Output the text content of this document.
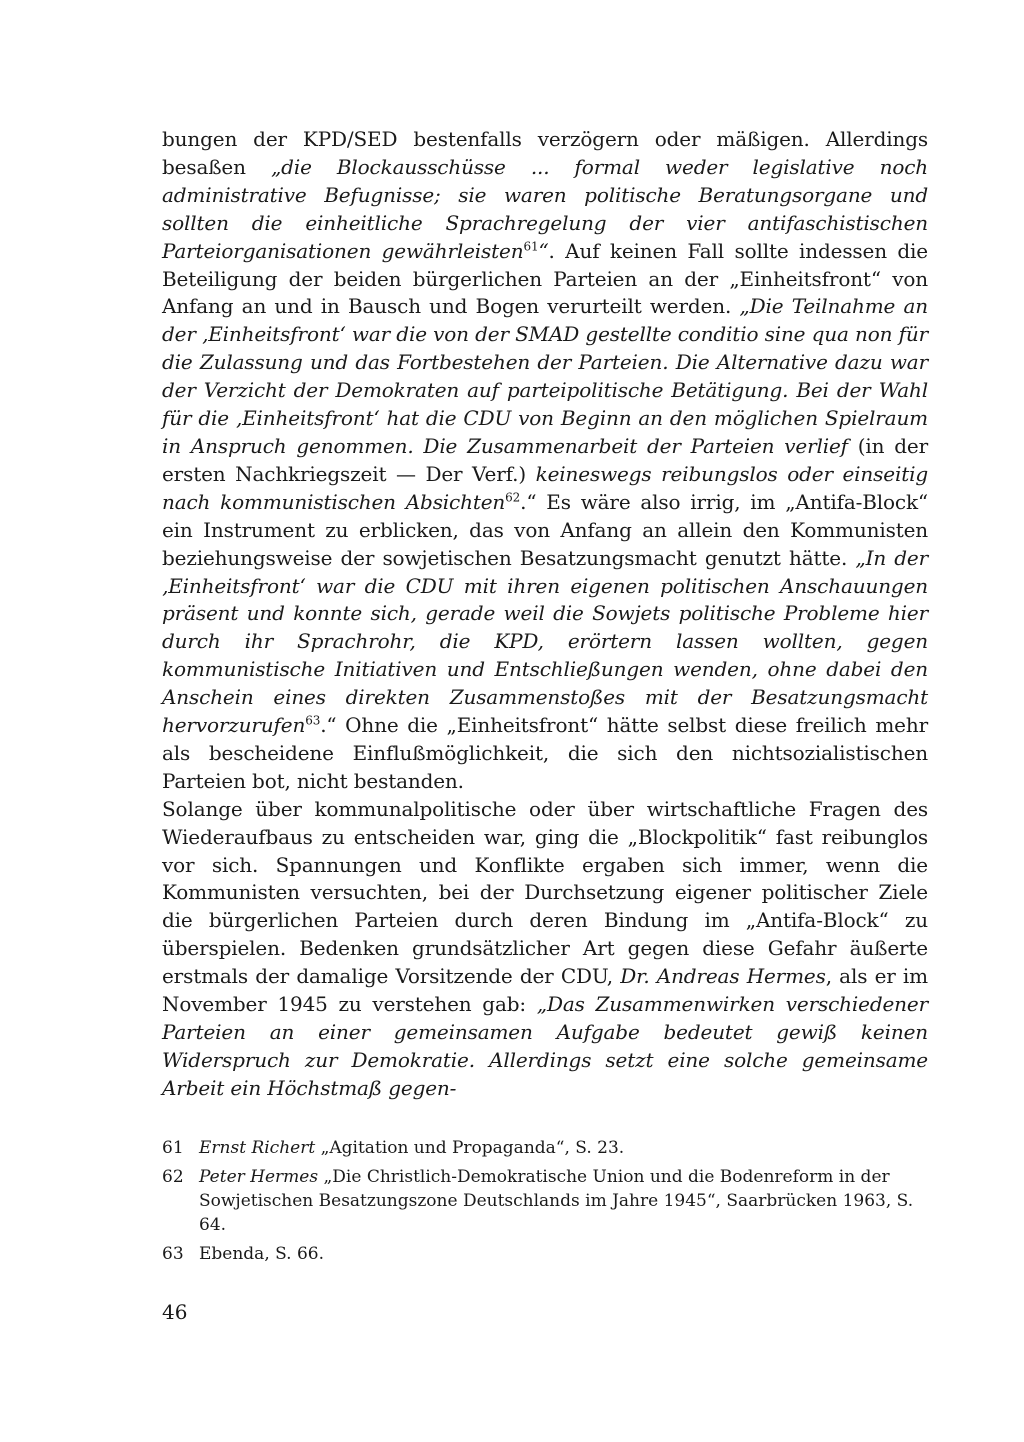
bungen der KPD/SED bestenfalls verzögern oder mäßigen. Allerdings besaßen „die Blockausschüsse ... formal weder legislative noch administrative Befugnisse; sie waren politische Beratungsorgane und sollten die einheitliche Sprachregelung der vier antifaschistischen Parteiorganisationen gewährleisten$^{61}$“. Auf keinen Fall sollte indessen die Beteiligung der beiden bürgerlichen Parteien an der „Einheitsfront“ von Anfang an und in Bausch und Bogen verurteilt werden. „Die Teilnahme an der ‚Einheitsfront‘ war die von der SMAD gestellte conditio sine qua non für die Zulassung und das Fortbestehen der Parteien. Die Alternative dazu war der Verzicht der Demokraten auf parteipolitische Betätigung. Bei der Wahl für die ‚Einheitsfront‘ hat die CDU von Beginn an den möglichen Spielraum in Anspruch genommen. Die Zusammenarbeit der Parteien verlief (in der ersten Nachkriegszeit — Der Verf.) keineswegs reibungslos oder einseitig nach kommunistischen Absichten$^{62}$.“ Es wäre also irrig, im „Antifa-Block“ ein Instrument zu erblicken, das von Anfang an allein den Kommunisten beziehungsweise der sowjetischen Besatzungsmacht genutzt hätte. „In der ‚Einheitsfront‘ war die CDU mit ihren eigenen politischen Anschauungen präsent und konnte sich, gerade weil die Sowjets politische Probleme hier durch ihr Sprachrohr, die KPD, erörtern lassen wollten, gegen kommunistische Initiativen und Entschließungen wenden, ohne dabei den Anschein eines direkten Zusammenstoßes mit der Besatzungsmacht hervorzurufen$^{63}$.“ Ohne die „Einheitsfront“ hätte selbst diese freilich mehr als bescheidene Einflußmöglichkeit, die sich den nichtsozialistischen Parteien bot, nicht bestanden.

Solange über kommunalpolitische oder über wirtschaftliche Fragen des Wiederaufbaus zu entscheiden war, ging die „Blockpolitik“ fast reibunglos vor sich. Spannungen und Konflikte ergaben sich immer, wenn die Kommunisten versuchten, bei der Durchsetzung eigener politischer Ziele die bürgerlichen Parteien durch deren Bindung im „Antifa-Block“ zu überspielen. Bedenken grundsätzlicher Art gegen diese Gefahr äußerte erstmals der damalige Vorsitzende der CDU, Dr. Andreas Hermes, als er im November 1945 zu verstehen gab: „Das Zusammenwirken verschiedener Parteien an einer gemeinsamen Aufgabe bedeutet gewiß keinen Widerspruch zur Demokratie. Allerdings setzt eine solche gemeinsame Arbeit ein Höchstmaß gegen-

61 Ernst Richert „Agitation und Propaganda“, S. 23.
62 Peter Hermes „Die Christlich-Demokratische Union und die Bodenreform in der Sowjetischen Besatzungszone Deutschlands im Jahre 1945“, Saarbrücken 1963, S. 64.
63 Ebenda, S. 66.
46
